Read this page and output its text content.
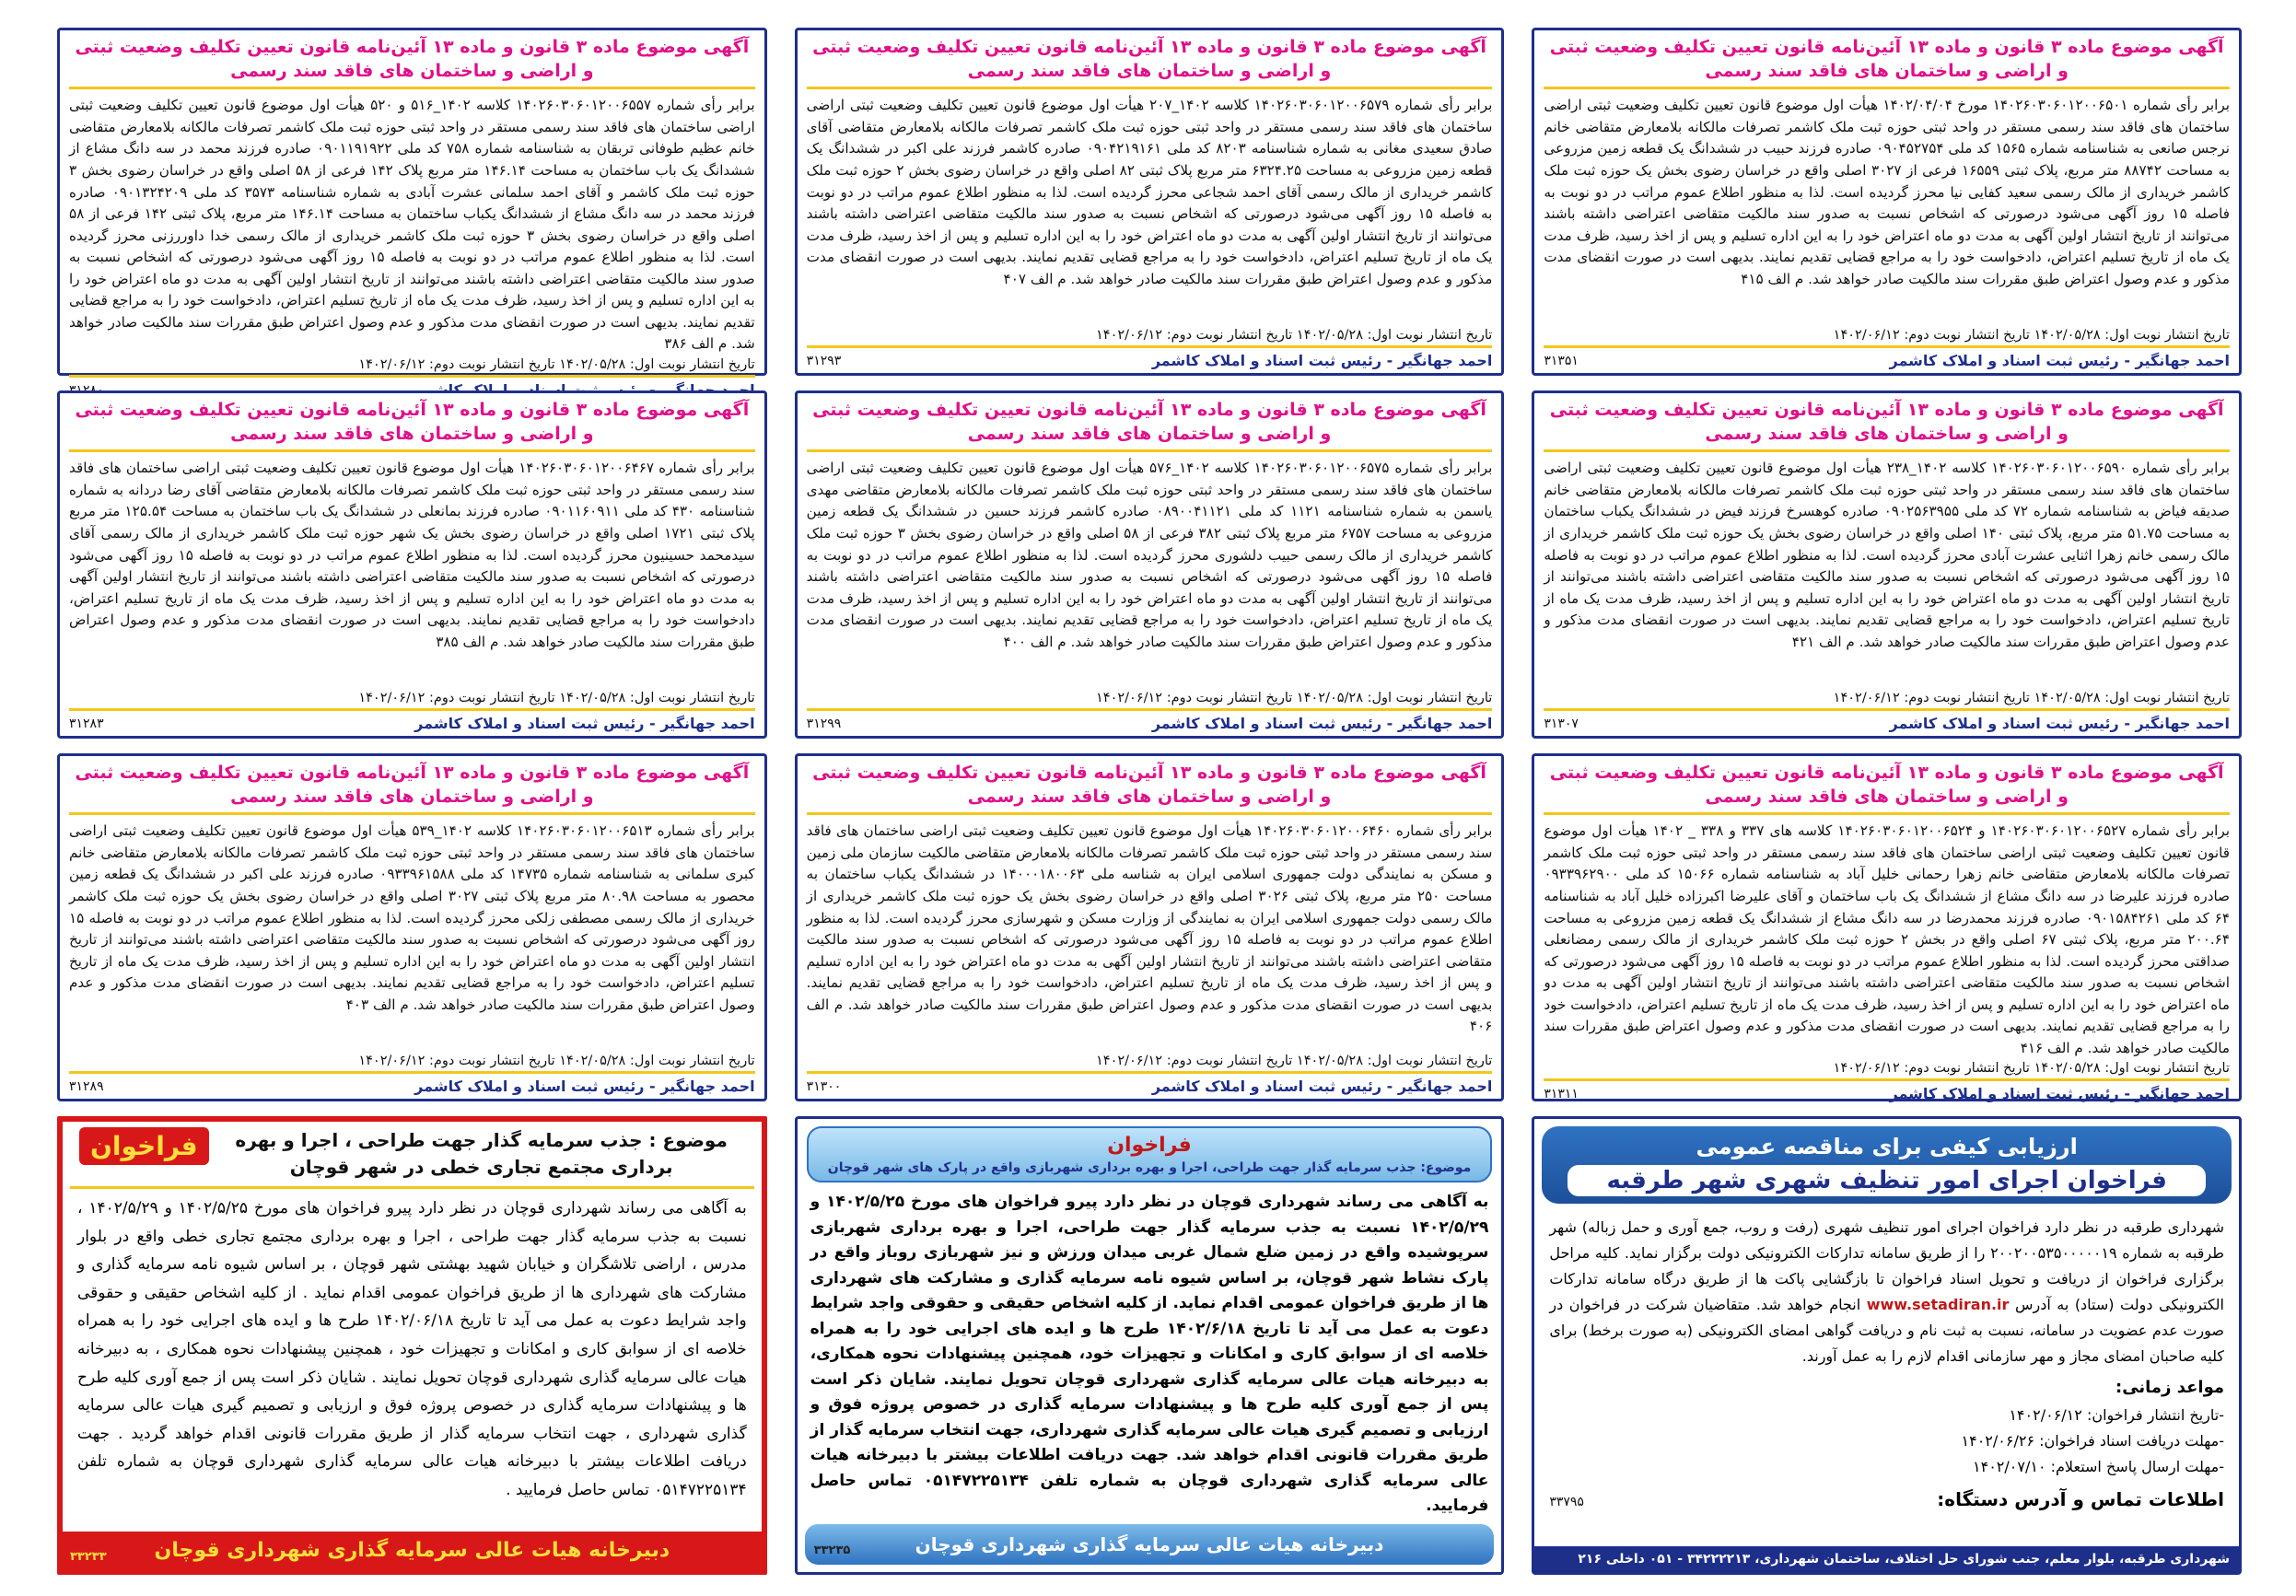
آگهی موضوع ماده ۳ قانون و ماده ۱۳ آئین‌نامه قانون تعیین تکلیف وضعیت ثبتی و اراضی و ساختمان های فاقد سند رسمی
برابر رأی شماره ۱۴۰۲۶۰۳۰۶۰۱۲۰۰۶۵۰۱ مورخ ۱۴۰۲/۰۴/۰۴ هیأت اول موضوع قانون تعیین تکلیف وضعیت ثبتی اراضی ساختمان های فاقد سند رسمی مستقر در واحد ثبتی حوزه ثبت ملک کاشمر تصرفات مالکانه بلامعارض متقاضی خانم نرجس صانعی به شناسنامه شماره ۱۵۶۵ کد ملی ۰۹۰۴۵۲۷۵۴ صادره فرزند حبیب در ششدانگ یک قطعه زمین مزروعی به مساحت ۸۸۷۴۲ متر مربع، پلاک ثبتی ۱۶۵۵۹ فرعی از ۳۰۲۷ اصلی واقع در خراسان رضوی بخش یک حوزه ثبت ملک کاشمر خریداری از مالک رسمی سعید کفایی نیا محرز گردیده است. لذا به منظور اطلاع عموم مراتب در دو نوبت به فاصله ۱۵ روز آگهی می‌شود درصورتی که اشخاص نسبت به صدور سند مالکیت متقاضی اعتراضی داشته باشند می‌توانند از تاریخ انتشار اولین آگهی به مدت دو ماه اعتراض خود را به این اداره تسلیم و پس از اخذ رسید، ظرف مدت یک ماه از تاریخ تسلیم اعتراض، دادخواست خود را به مراجع قضایی تقدیم نمایند. بدیهی است در صورت انقضای مدت مذکور و عدم وصول اعتراض طبق مقررات سند مالکیت صادر خواهد شد. م الف ۴۱۵
تاریخ انتشار نوبت اول: ۱۴۰۲/۰۵/۲۸ تاریخ انتشار نوبت دوم: ۱۴۰۲/۰۶/۱۲
احمد جهانگیر - رئیس ثبت اسناد و املاک کاشمر
۳۱۳۵۱
آگهی موضوع ماده ۳ قانون و ماده ۱۳ آئین‌نامه قانون تعیین تکلیف وضعیت ثبتی و اراضی و ساختمان های فاقد سند رسمی
برابر رأی شماره ۱۴۰۲۶۰۳۰۶۰۱۲۰۰۶۵۷۹ کلاسه ۱۴۰۲_۲۰۷ هیأت اول موضوع قانون تعیین تکلیف وضعیت ثبتی اراضی ساختمان های فاقد سند رسمی مستقر در واحد ثبتی حوزه ثبت ملک کاشمر تصرفات مالکانه بلامعارض متقاضی آقای صادق سعیدی مغانی به شماره شناسنامه ۸۲۰۳ کد ملی ۰۹۰۴۲۱۹۱۶۱ صادره کاشمر فرزند علی اکبر در ششدانگ یک قطعه زمین مزروعی به مساحت ۶۳۲۴.۲۵ متر مربع پلاک ثبتی ۸۲ اصلی واقع در خراسان رضوی بخش ۲ حوزه ثبت ملک کاشمر خریداری از مالک رسمی آقای احمد شجاعی محرز گردیده است. لذا به منظور اطلاع عموم مراتب در دو نوبت به فاصله ۱۵ روز آگهی می‌شود درصورتی که اشخاص نسبت به صدور سند مالکیت متقاضی اعتراضی داشته باشند می‌توانند از تاریخ انتشار اولین آگهی به مدت دو ماه اعتراض خود را به این اداره تسلیم و پس از اخذ رسید، ظرف مدت یک ماه از تاریخ تسلیم اعتراض، دادخواست خود را به مراجع قضایی تقدیم نمایند. بدیهی است در صورت انقضای مدت مذکور و عدم وصول اعتراض طبق مقررات سند مالکیت صادر خواهد شد. م الف ۴۰۷
تاریخ انتشار نوبت اول: ۱۴۰۲/۰۵/۲۸ تاریخ انتشار نوبت دوم: ۱۴۰۲/۰۶/۱۲
احمد جهانگیر - رئیس ثبت اسناد و املاک کاشمر
۳۱۲۹۳
آگهی موضوع ماده ۳ قانون و ماده ۱۳ آئین‌نامه قانون تعیین تکلیف وضعیت ثبتی و اراضی و ساختمان های فاقد سند رسمی
برابر رأی شماره ۱۴۰۲۶۰۳۰۶۰۱۲۰۰۶۵۵۷ کلاسه ۱۴۰۲_۵۱۶ و ۵۲۰ هیأت اول موضوع قانون تعیین تکلیف وضعیت ثبتی اراضی ساختمان های فاقد سند رسمی مستقر در واحد ثبتی حوزه ثبت ملک کاشمر تصرفات مالکانه بلامعارض متقاضی خانم عظیم طوفانی تربقان به شناسنامه شماره ۷۵۸ کد ملی ۰۹۰۱۱۹۱۹۲۲ صادره فرزند محمد در سه دانگ مشاع از ششدانگ یک باب ساختمان به مساحت ۱۴۶.۱۴ متر مربع پلاک ۱۴۲ فرعی از ۵۸ اصلی واقع در خراسان رضوی بخش ۳ حوزه ثبت ملک کاشمر و آقای احمد سلمانی عشرت آبادی به شماره شناسنامه ۳۵۷۳ کد ملی ۰۹۰۱۳۲۴۲۰۹ صادره فرزند محمد در سه دانگ مشاع از ششدانگ یکباب ساختمان به مساحت ۱۴۶.۱۴ متر مربع، پلاک ثبتی ۱۴۲ فرعی از ۵۸ اصلی واقع در خراسان رضوی بخش ۳ حوزه ثبت ملک کاشمر خریداری از مالک رسمی خدا داوررزنی محرز گردیده است. لذا به منظور اطلاع عموم مراتب در دو نوبت به فاصله ۱۵ روز آگهی می‌شود درصورتی که اشخاص نسبت به صدور سند مالکیت متقاضی اعتراضی داشته باشند می‌توانند از تاریخ انتشار اولین آگهی به مدت دو ماه اعتراض خود را به این اداره تسلیم و پس از اخذ رسید، ظرف مدت یک ماه از تاریخ تسلیم اعتراض، دادخواست خود را به مراجع قضایی تقدیم نمایند. بدیهی است در صورت انقضای مدت مذکور و عدم وصول اعتراض طبق مقررات سند مالکیت صادر خواهد شد. م الف ۳۸۶
تاریخ انتشار نوبت اول: ۱۴۰۲/۰۵/۲۸ تاریخ انتشار نوبت دوم: ۱۴۰۲/۰۶/۱۲
آگهی موضوع ماده ۳ قانون و ماده ۱۳ آئین‌نامه قانون تعیین تکلیف وضعیت ثبتی و اراضی و ساختمان های فاقد سند رسمی
برابر رأی شماره ۱۴۰۲۶۰۳۰۶۰۱۲۰۰۶۵۹۰ کلاسه ۱۴۰۲_۲۳۸ هیأت اول موضوع قانون تعیین تکلیف وضعیت ثبتی اراضی ساختمان های فاقد سند رسمی مستقر در واحد ثبتی حوزه ثبت ملک کاشمر تصرفات مالکانه بلامعارض متقاضی خانم صدیقه فیاض به شناسنامه شماره ۷۲ کد ملی ۰۹۰۲۵۶۳۹۵۵ صادره کوهسرخ فرزند فیض در ششدانگ یکباب ساختمان به مساحت ۵۱.۷۵ متر مربع، پلاک ثبتی ۱۴۰ اصلی واقع در خراسان رضوی بخش یک حوزه ثبت ملک کاشمر خریداری از مالک رسمی خانم زهرا اثنایی عشرت آبادی محرز گردیده است. لذا به منظور اطلاع عموم مراتب در دو نوبت به فاصله ۱۵ روز آگهی می‌شود درصورتی که اشخاص نسبت به صدور سند مالکیت متقاضی اعتراضی داشته باشند می‌توانند از تاریخ انتشار اولین آگهی به مدت دو ماه اعتراض خود را به این اداره تسلیم و پس از اخذ رسید، ظرف مدت یک ماه از تاریخ تسلیم اعتراض، دادخواست خود را به مراجع قضایی تقدیم نمایند. بدیهی است در صورت انقضای مدت مذکور و عدم وصول اعتراض طبق مقررات سند مالکیت صادر خواهد شد. م الف ۴۲۱
تاریخ انتشار نوبت اول: ۱۴۰۲/۰۵/۲۸ تاریخ انتشار نوبت دوم: ۱۴۰۲/۰۶/۱۲
احمد جهانگیر - رئیس ثبت اسناد و املاک کاشمر
۳۱۳۰۷
آگهی موضوع ماده ۳ قانون و ماده ۱۳ آئین‌نامه قانون تعیین تکلیف وضعیت ثبتی و اراضی و ساختمان های فاقد سند رسمی
برابر رأی شماره ۱۴۰۲۶۰۳۰۶۰۱۲۰۰۶۵۷۵ کلاسه ۱۴۰۲_۵۷۶ هیأت اول موضوع قانون تعیین تکلیف وضعیت ثبتی اراضی ساختمان های فاقد سند رسمی مستقر در واحد ثبتی حوزه ثبت ملک کاشمر تصرفات مالکانه بلامعارض متقاضی مهدی یاسمن به شماره شناسنامه ۱۱۲۱ کد ملی ۰۸۹۰۰۴۱۱۲۱ صادره کاشمر فرزند حسین در ششدانگ یک قطعه زمین مزروعی به مساحت ۶۷۵۷ متر مربع پلاک ثبتی ۳۸۲ فرعی از ۵۸ اصلی واقع در خراسان رضوی بخش ۳ حوزه ثبت ملک کاشمر خریداری از مالک رسمی حبیب دلشوری محرز گردیده است. لذا به منظور اطلاع عموم مراتب در دو نوبت به فاصله ۱۵ روز آگهی می‌شود درصورتی که اشخاص نسبت به صدور سند مالکیت متقاضی اعتراضی داشته باشند می‌توانند از تاریخ انتشار اولین آگهی به مدت دو ماه اعتراض خود را به این اداره تسلیم و پس از اخذ رسید، ظرف مدت یک ماه از تاریخ تسلیم اعتراض، دادخواست خود را به مراجع قضایی تقدیم نمایند. بدیهی است در صورت انقضای مدت مذکور و عدم وصول اعتراض طبق مقررات سند مالکیت صادر خواهد شد. م الف ۴۰۰
تاریخ انتشار نوبت اول: ۱۴۰۲/۰۵/۲۸ تاریخ انتشار نوبت دوم: ۱۴۰۲/۰۶/۱۲
احمد جهانگیر - رئیس ثبت اسناد و املاک کاشمر
۳۱۲۹۹
آگهی موضوع ماده ۳ قانون و ماده ۱۳ آئین‌نامه قانون تعیین تکلیف وضعیت ثبتی و اراضی و ساختمان های فاقد سند رسمی
برابر رأی شماره ۱۴۰۲۶۰۳۰۶۰۱۲۰۰۶۴۶۷ هیأت اول موضوع قانون تعیین تکلیف وضعیت ثبتی اراضی ساختمان های فاقد سند رسمی مستقر در واحد ثبتی حوزه ثبت ملک کاشمر تصرفات مالکانه بلامعارض متقاضی آقای رضا دردانه به شماره شناسنامه ۴۳۰ کد ملی ۰۹۰۱۱۶۰۹۱۱ صادره فرزند بمانعلی در ششدانگ یک باب ساختمان به مساحت ۱۲۵.۵۴ متر مربع پلاک ثبتی ۱۷۲۱ اصلی واقع در خراسان رضوی بخش یک شهر حوزه ثبت ملک کاشمر خریداری از مالک رسمی آقای سیدمحمد حسینیون محرز گردیده است. لذا به منظور اطلاع عموم مراتب در دو نوبت به فاصله ۱۵ روز آگهی می‌شود درصورتی که اشخاص نسبت به صدور سند مالکیت متقاضی اعتراضی داشته باشند می‌توانند از تاریخ انتشار اولین آگهی به مدت دو ماه اعتراض خود را به این اداره تسلیم و پس از اخذ رسید، ظرف مدت یک ماه از تاریخ تسلیم اعتراض، دادخواست خود را به مراجع قضایی تقدیم نمایند. بدیهی است در صورت انقضای مدت مذکور و عدم وصول اعتراض طبق مقررات سند مالکیت صادر خواهد شد. م الف ۳۸۵
تاریخ انتشار نوبت اول: ۱۴۰۲/۰۵/۲۸ تاریخ انتشار نوبت دوم: ۱۴۰۲/۰۶/۱۲
احمد جهانگیر - رئیس ثبت اسناد و املاک کاشمر
۳۱۲۸۳
آگهی موضوع ماده ۳ قانون و ماده ۱۳ آئین‌نامه قانون تعیین تکلیف وضعیت ثبتی و اراضی و ساختمان های فاقد سند رسمی
برابر رأی شماره ۱۴۰۲۶۰۳۰۶۰۱۲۰۰۶۵۲۷ و ۱۴۰۲۶۰۳۰۶۰۱۲۰۰۶۵۲۴ کلاسه های ۳۳۷ و ۳۳۸ _ ۱۴۰۲ هیأت اول موضوع قانون تعیین تکلیف وضعیت ثبتی اراضی ساختمان های فاقد سند رسمی مستقر در واحد ثبتی حوزه ثبت ملک کاشمر تصرفات مالکانه بلامعارض متقاضی خانم زهرا رحمانی خلیل آباد به شناسنامه شماره ۱۵۰۶۶ کد ملی ۰۹۳۳۹۶۲۹۰۰ صادره فرزند علیرضا در سه دانگ مشاع از ششدانگ یک باب ساختمان و آقای علیرضا اکبرزاده خلیل آباد به شناسنامه ۶۴ کد ملی ۰۹۰۱۵۸۴۲۶۱ صادره فرزند محمدرضا در سه دانگ مشاع از ششدانگ یک قطعه زمین مزروعی به مساحت ۲۰۰.۶۴ متر مربع، پلاک ثبتی ۶۷ اصلی واقع در بخش ۲ حوزه ثبت ملک کاشمر خریداری از مالک رسمی رمضانعلی صداقتی محرز گردیده است. لذا به منظور اطلاع عموم مراتب در دو نوبت به فاصله ۱۵ روز آگهی می‌شود درصورتی که اشخاص نسبت به صدور سند مالکیت متقاضی اعتراضی داشته باشند می‌توانند از تاریخ انتشار اولین آگهی به مدت دو ماه اعتراض خود را به این اداره تسلیم و پس از اخذ رسید، ظرف مدت یک ماه از تاریخ تسلیم اعتراض، دادخواست خود را به مراجع قضایی تقدیم نمایند. بدیهی است در صورت انقضای مدت مذکور و عدم وصول اعتراض طبق مقررات سند مالکیت صادر خواهد شد. م الف ۴۱۶
تاریخ انتشار نوبت اول: ۱۴۰۲/۰۵/۲۸ تاریخ انتشار نوبت دوم: ۱۴۰۲/۰۶/۱۲
احمد جهانگیر - رئیس ثبت اسناد و املاک کاشمر
۳۱۳۱۱
آگهی موضوع ماده ۳ قانون و ماده ۱۳ آئین‌نامه قانون تعیین تکلیف وضعیت ثبتی و اراضی و ساختمان های فاقد سند رسمی
برابر رأی شماره ۱۴۰۲۶۰۳۰۶۰۱۲۰۰۶۴۶۰ هیأت اول موضوع قانون تعیین تکلیف وضعیت ثبتی اراضی ساختمان های فاقد سند رسمی مستقر در واحد ثبتی حوزه ثبت ملک کاشمر تصرفات مالکانه بلامعارض متقاضی مالکیت سازمان ملی زمین و مسکن به نمایندگی دولت جمهوری اسلامی ایران به شناسه ملی ۱۴۰۰۰۱۸۰۰۶۳ در ششدانگ یکباب ساختمان به مساحت ۲۵۰ متر مربع، پلاک ثبتی ۳۰۲۶ اصلی واقع در خراسان رضوی بخش یک حوزه ثبت ملک کاشمر خریداری از مالک رسمی دولت جمهوری اسلامی ایران به نمایندگی از وزارت مسکن و شهرسازی محرز گردیده است. لذا به منظور اطلاع عموم مراتب در دو نوبت به فاصله ۱۵ روز آگهی می‌شود درصورتی که اشخاص نسبت به صدور سند مالکیت متقاضی اعتراضی داشته باشند می‌توانند از تاریخ انتشار اولین آگهی به مدت دو ماه اعتراض خود را به این اداره تسلیم و پس از اخذ رسید، ظرف مدت یک ماه از تاریخ تسلیم اعتراض، دادخواست خود را به مراجع قضایی تقدیم نمایند. بدیهی است در صورت انقضای مدت مذکور و عدم وصول اعتراض طبق مقررات سند مالکیت صادر خواهد شد. م الف ۴۰۶
تاریخ انتشار نوبت اول: ۱۴۰۲/۰۵/۲۸ تاریخ انتشار نوبت دوم: ۱۴۰۲/۰۶/۱۲
احمد جهانگیر - رئیس ثبت اسناد و املاک کاشمر
۳۱۳۰۰
آگهی موضوع ماده ۳ قانون و ماده ۱۳ آئین‌نامه قانون تعیین تکلیف وضعیت ثبتی و اراضی و ساختمان های فاقد سند رسمی
برابر رأی شماره ۱۴۰۲۶۰۳۰۶۰۱۲۰۰۶۵۱۳ کلاسه ۱۴۰۲_۵۳۹ هیأت اول موضوع قانون تعیین تکلیف وضعیت ثبتی اراضی ساختمان های فاقد سند رسمی مستقر در واحد ثبتی حوزه ثبت ملک کاشمر تصرفات مالکانه بلامعارض متقاضی خانم کبری سلمانی به شناسنامه شماره ۱۴۷۳۵ کد ملی ۰۹۳۳۹۶۱۵۸۸ صادره فرزند علی اکبر در ششدانگ یک قطعه زمین محصور به مساحت ۸۰.۹۸ متر مربع پلاک ثبتی ۳۰۲۷ اصلی واقع در خراسان رضوی بخش یک حوزه ثبت ملک کاشمر خریداری از مالک رسمی مصطفی زلکی محرز گردیده است. لذا به منظور اطلاع عموم مراتب در دو نوبت به فاصله ۱۵ روز آگهی می‌شود درصورتی که اشخاص نسبت به صدور سند مالکیت متقاضی اعتراضی داشته باشند می‌توانند از تاریخ انتشار اولین آگهی به مدت دو ماه اعتراض خود را به این اداره تسلیم و پس از اخذ رسید، ظرف مدت یک ماه از تاریخ تسلیم اعتراض، دادخواست خود را به مراجع قضایی تقدیم نمایند. بدیهی است در صورت انقضای مدت مذکور و عدم وصول اعتراض طبق مقررات سند مالکیت صادر خواهد شد. م الف ۴۰۳
تاریخ انتشار نوبت اول: ۱۴۰۲/۰۵/۲۸ تاریخ انتشار نوبت دوم: ۱۴۰۲/۰۶/۱۲
احمد جهانگیر - رئیس ثبت اسناد و املاک کاشمر
۳۱۲۸۹
ارزیابی کیفی برای مناقصه عمومی
فراخوان اجرای امور تنظیف شهری شهر طرقبه
شهرداری طرقبه در نظر دارد فراخوان اجرای امور تنظیف شهری (رفت و روب، جمع آوری و حمل زباله) شهر طرقبه به شماره ۲۰۰۲۰۰۵۳۵۰۰۰۰۰۱۹ را از طریق سامانه تدارکات الکترونیکی دولت برگزار نماید. کلیه مراحل برگزاری فراخوان از دریافت و تحویل اسناد فراخوان تا بازگشایی پاکت ها از طریق درگاه سامانه تدارکات الکترونیکی دولت (ستاد) به آدرس www.setadiran.ir انجام خواهد شد. متقاضیان شرکت در فراخوان در صورت عدم عضویت در سامانه، نسبت به ثبت نام و دریافت گواهی امضای الکترونیکی (به صورت برخط) برای کلیه صاحبان امضای مجاز و مهر سازمانی اقدام لازم را به عمل آورند.
مواعد زمانی:
-تاریخ انتشار فراخوان: ۱۴۰۲/۰۶/۱۲
-مهلت دریافت اسناد فراخوان: ۱۴۰۲/۰۶/۲۶
-مهلت ارسال پاسخ استعلام: ۱۴۰۲/۰۷/۱۰
اطلاعات تماس و آدرس دستگاه:
۳۳۷۹۵
شهرداری طرقبه، بلوار معلم، جنب شورای حل اختلاف، ساختمان شهرداری، ۳۴۲۲۲۲۱۳ - ۰۵۱ داخلی ۲۱۶
فراخوان
موضوع: جذب سرمایه گذار جهت طراحی، اجرا و بهره برداری شهربازی واقع در پارک های شهر قوچان
به آگاهی می رساند شهرداری قوچان در نظر دارد پیرو فراخوان های مورخ ۱۴۰۲/۵/۲۵ و ۱۴۰۲/۵/۲۹ نسبت به جذب سرمایه گذار جهت طراحی، اجرا و بهره برداری شهربازی سرپوشیده واقع در زمین ضلع شمال غربی میدان ورزش و نیز شهربازی روباز واقع در پارک نشاط شهر قوچان، بر اساس شیوه نامه سرمایه گذاری و مشارکت های شهرداری ها از طریق فراخوان عمومی اقدام نماید. از کلیه اشخاص حقیقی و حقوقی واجد شرایط دعوت به عمل می آید تا تاریخ ۱۴۰۲/۶/۱۸ طرح ها و ایده های اجرایی خود را به همراه خلاصه ای از سوابق کاری و امکانات و تجهیزات خود، همچنین پیشنهادات نحوه همکاری، به دبیرخانه هیات عالی سرمایه گذاری شهرداری قوچان تحویل نمایند. شایان ذکر است پس از جمع آوری کلیه طرح ها و پیشنهادات سرمایه گذاری در خصوص پروژه فوق و ارزیابی و تصمیم گیری هیات عالی سرمایه گذاری شهرداری، جهت انتخاب سرمایه گذار از طریق مقررات قانونی اقدام خواهد شد. جهت دریافت اطلاعات بیشتر با دبیرخانه هیات عالی سرمایه گذاری شهرداری قوچان به شماره تلفن ۰۵۱۴۷۲۲۵۱۳۴ تماس حاصل فرمایید.
دبیرخانه هیات عالی سرمایه گذاری شهرداری قوچان
۳۳۲۳۵
موضوع : جذب سرمایه گذار جهت طراحی ، اجرا و بهره برداری مجتمع تجاری خطی در شهر قوچان
فراخوان
به آگاهی می رساند شهرداری قوچان در نظر دارد پیرو فراخوان های مورخ ۱۴۰۲/۵/۲۵ و ۱۴۰۲/۵/۲۹ ، نسبت به جذب سرمایه گذار جهت طراحی ، اجرا و بهره برداری مجتمع تجاری خطی واقع در بلوار مدرس ، اراضی تلاشگران و خیابان شهید بهشتی شهر قوچان ، بر اساس شیوه نامه سرمایه گذاری و مشارکت های شهرداری ها از طریق فراخوان عمومی اقدام نماید . از کلیه اشخاص حقیقی و حقوقی واجد شرایط دعوت به عمل می آید تا تاریخ ۱۴۰۲/۰۶/۱۸ طرح ها و ایده های اجرایی خود را به همراه خلاصه ای از سوابق کاری و امکانات و تجهیزات خود ، همچنین پیشنهادات نحوه همکاری ، به دبیرخانه هیات عالی سرمایه گذاری شهرداری قوچان تحویل نمایند . شایان ذکر است پس از جمع آوری کلیه طرح ها و پیشنهادات سرمایه گذاری در خصوص پروژه فوق و ارزیابی و تصمیم گیری هیات عالی سرمایه گذاری شهرداری ، جهت انتخاب سرمایه گذار از طریق مقررات قانونی اقدام خواهد گردید . جهت دریافت اطلاعات بیشتر با دبیرخانه هیات عالی سرمایه گذاری شهرداری قوچان به شماره تلفن ۰۵۱۴۷۲۲۵۱۳۴ تماس حاصل فرمایید .
دبیرخانه هیات عالی سرمایه گذاری شهرداری قوچان
۳۳۲۳۳
